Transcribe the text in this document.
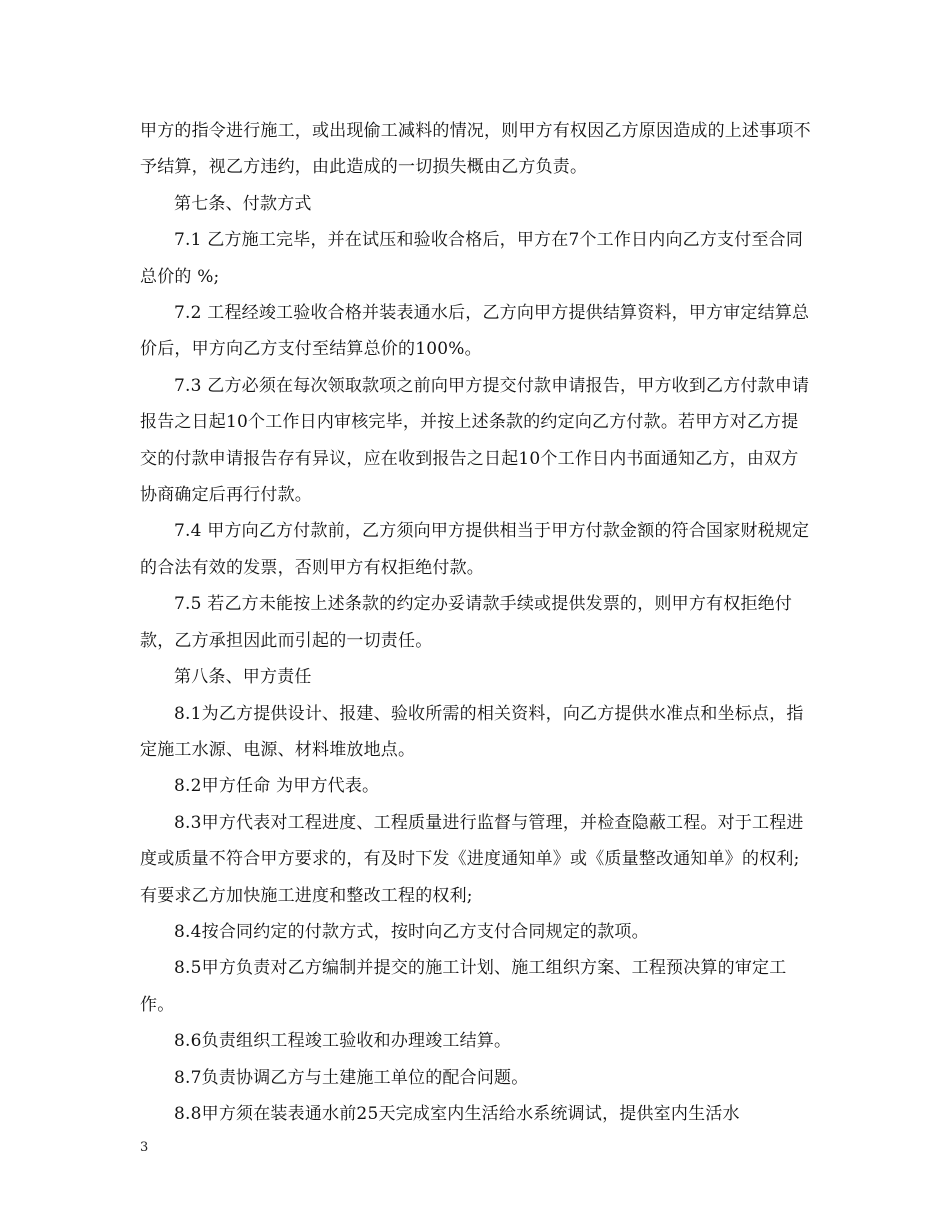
甲方的指令进行施工，或出现偷工减料的情况，则甲方有权因乙方原因造成的上述事项不予结算，视乙方违约，由此造成的一切损失概由乙方负责。

第七条、付款方式

7.1 乙方施工完毕，并在试压和验收合格后，甲方在7个工作日内向乙方支付至合同总价的 %;

7.2 工程经竣工验收合格并装表通水后，乙方向甲方提供结算资料，甲方审定结算总价后，甲方向乙方支付至结算总价的100%。

7.3 乙方必须在每次领取款项之前向甲方提交付款申请报告，甲方收到乙方付款申请报告之日起10个工作日内审核完毕，并按上述条款的约定向乙方付款。若甲方对乙方提交的付款申请报告存有异议，应在收到报告之日起10个工作日内书面通知乙方，由双方协商确定后再行付款。

7.4 甲方向乙方付款前，乙方须向甲方提供相当于甲方付款金额的符合国家财税规定的合法有效的发票，否则甲方有权拒绝付款。

7.5 若乙方未能按上述条款的约定办妥请款手续或提供发票的，则甲方有权拒绝付款，乙方承担因此而引起的一切责任。

第八条、甲方责任

8.1为乙方提供设计、报建、验收所需的相关资料，向乙方提供水准点和坐标点，指定施工水源、电源、材料堆放地点。

8.2甲方任命 为甲方代表。

8.3甲方代表对工程进度、工程质量进行监督与管理，并检查隐蔽工程。对于工程进度或质量不符合甲方要求的，有及时下发《进度通知单》或《质量整改通知单》的权利;有要求乙方加快施工进度和整改工程的权利;

8.4按合同约定的付款方式，按时向乙方支付合同规定的款项。

8.5甲方负责对乙方编制并提交的施工计划、施工组织方案、工程预决算的审定工作。

8.6负责组织工程竣工验收和办理竣工结算。

8.7负责协调乙方与土建施工单位的配合问题。

8.8甲方须在装表通水前25天完成室内生活给水系统调试，提供室内生活水

3
